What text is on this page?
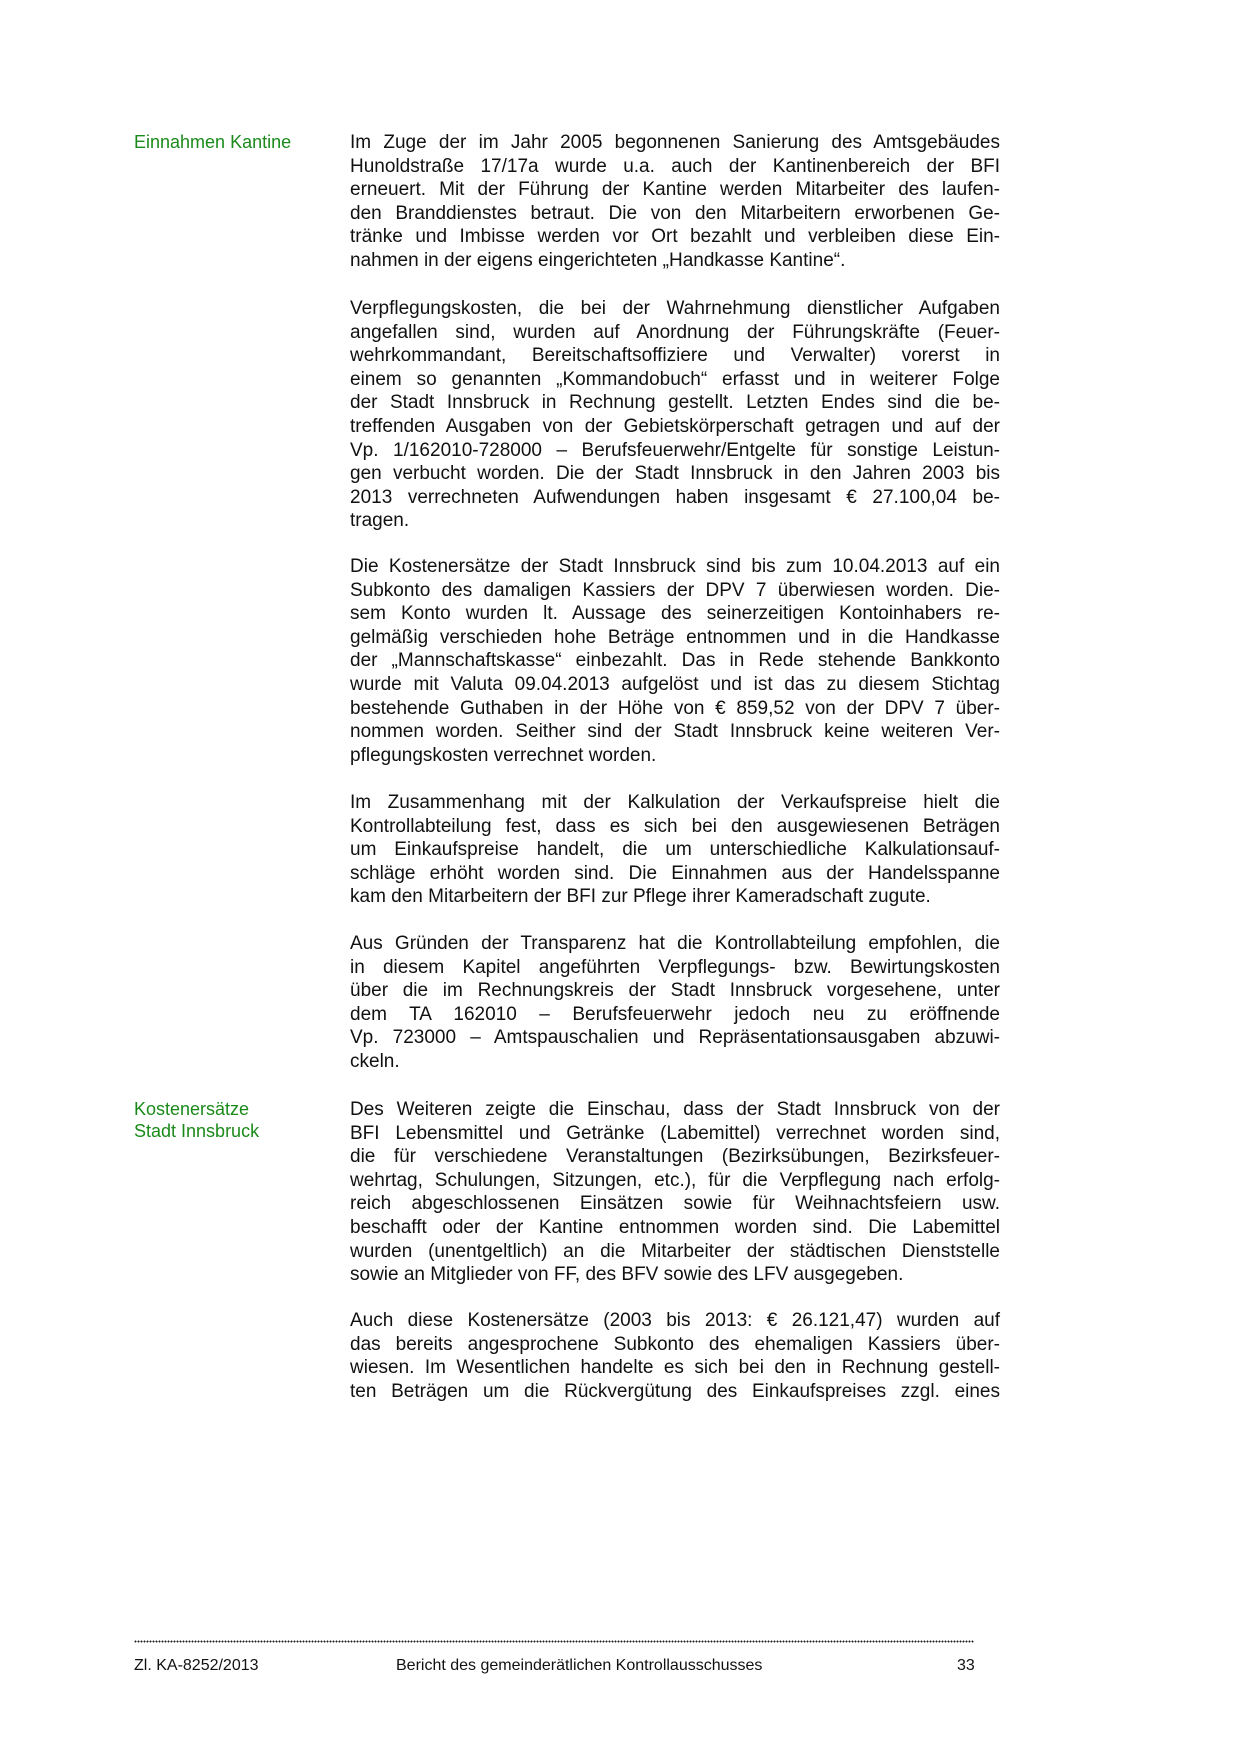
Einnahmen Kantine
Kostenersätze
Stadt Innsbruck
Im Zuge der im Jahr 2005 begonnenen Sanierung des Amtsgebäudes
Hunoldstraße 17/17a wurde u.a. auch der Kantinenbereich der BFI
erneuert. Mit der Führung der Kantine werden Mitarbeiter des laufen-
den Branddienstes betraut. Die von den Mitarbeitern erworbenen Ge-
tränke und Imbisse werden vor Ort bezahlt und verbleiben diese Ein-
nahmen in der eigens eingerichteten „Handkasse Kantine“.
Verpflegungskosten, die bei der Wahrnehmung dienstlicher Aufgaben
angefallen sind, wurden auf Anordnung der Führungskräfte (Feuer-
wehrkommandant, Bereitschaftsoffiziere und Verwalter) vorerst in
einem so genannten „Kommandobuch“ erfasst und in weiterer Folge
der Stadt Innsbruck in Rechnung gestellt. Letzten Endes sind die be-
treffenden Ausgaben von der Gebietskörperschaft getragen und auf der
Vp. 1/162010-728000 – Berufsfeuerwehr/Entgelte für sonstige Leistun-
gen verbucht worden. Die der Stadt Innsbruck in den Jahren 2003 bis
2013 verrechneten Aufwendungen haben insgesamt € 27.100,04 be-
tragen.
Die Kostenersätze der Stadt Innsbruck sind bis zum 10.04.2013 auf ein
Subkonto des damaligen Kassiers der DPV 7 überwiesen worden. Die-
sem Konto wurden lt. Aussage des seinerzeitigen Kontoinhabers re-
gelmäßig verschieden hohe Beträge entnommen und in die Handkasse
der „Mannschaftskasse“ einbezahlt. Das in Rede stehende Bankkonto
wurde mit Valuta 09.04.2013 aufgelöst und ist das zu diesem Stichtag
bestehende Guthaben in der Höhe von € 859,52 von der DPV 7 über-
nommen worden. Seither sind der Stadt Innsbruck keine weiteren Ver-
pflegungskosten verrechnet worden.
Im Zusammenhang mit der Kalkulation der Verkaufspreise hielt die
Kontrollabteilung fest, dass es sich bei den ausgewiesenen Beträgen
um Einkaufspreise handelt, die um unterschiedliche Kalkulationsauf-
schläge erhöht worden sind. Die Einnahmen aus der Handelsspanne
kam den Mitarbeitern der BFI zur Pflege ihrer Kameradschaft zugute.
Aus Gründen der Transparenz hat die Kontrollabteilung empfohlen, die
in diesem Kapitel angeführten Verpflegungs- bzw. Bewirtungskosten
über die im Rechnungskreis der Stadt Innsbruck vorgesehene, unter
dem TA 162010 – Berufsfeuerwehr jedoch neu zu eröffnende
Vp. 723000 – Amtspauschalien und Repräsentationsausgaben abzuwi-
ckeln.
Des Weiteren zeigte die Einschau, dass der Stadt Innsbruck von der
BFI Lebensmittel und Getränke (Labemittel) verrechnet worden sind,
die für verschiedene Veranstaltungen (Bezirksübungen, Bezirksfeuer-
wehrtag, Schulungen, Sitzungen, etc.), für die Verpflegung nach erfolg-
reich abgeschlossenen Einsätzen sowie für Weihnachtsfeiern usw.
beschafft oder der Kantine entnommen worden sind. Die Labemittel
wurden (unentgeltlich) an die Mitarbeiter der städtischen Dienststelle
sowie an Mitglieder von FF, des BFV sowie des LFV ausgegeben.
Auch diese Kostenersätze (2003 bis 2013: € 26.121,47) wurden auf
das bereits angesprochene Subkonto des ehemaligen Kassiers über-
wiesen. Im Wesentlichen handelte es sich bei den in Rechnung gestell-
ten Beträgen um die Rückvergütung des Einkaufspreises zzgl. eines
Zl. KA-8252/2013	Bericht des gemeinderätlichen Kontrollausschusses	33
